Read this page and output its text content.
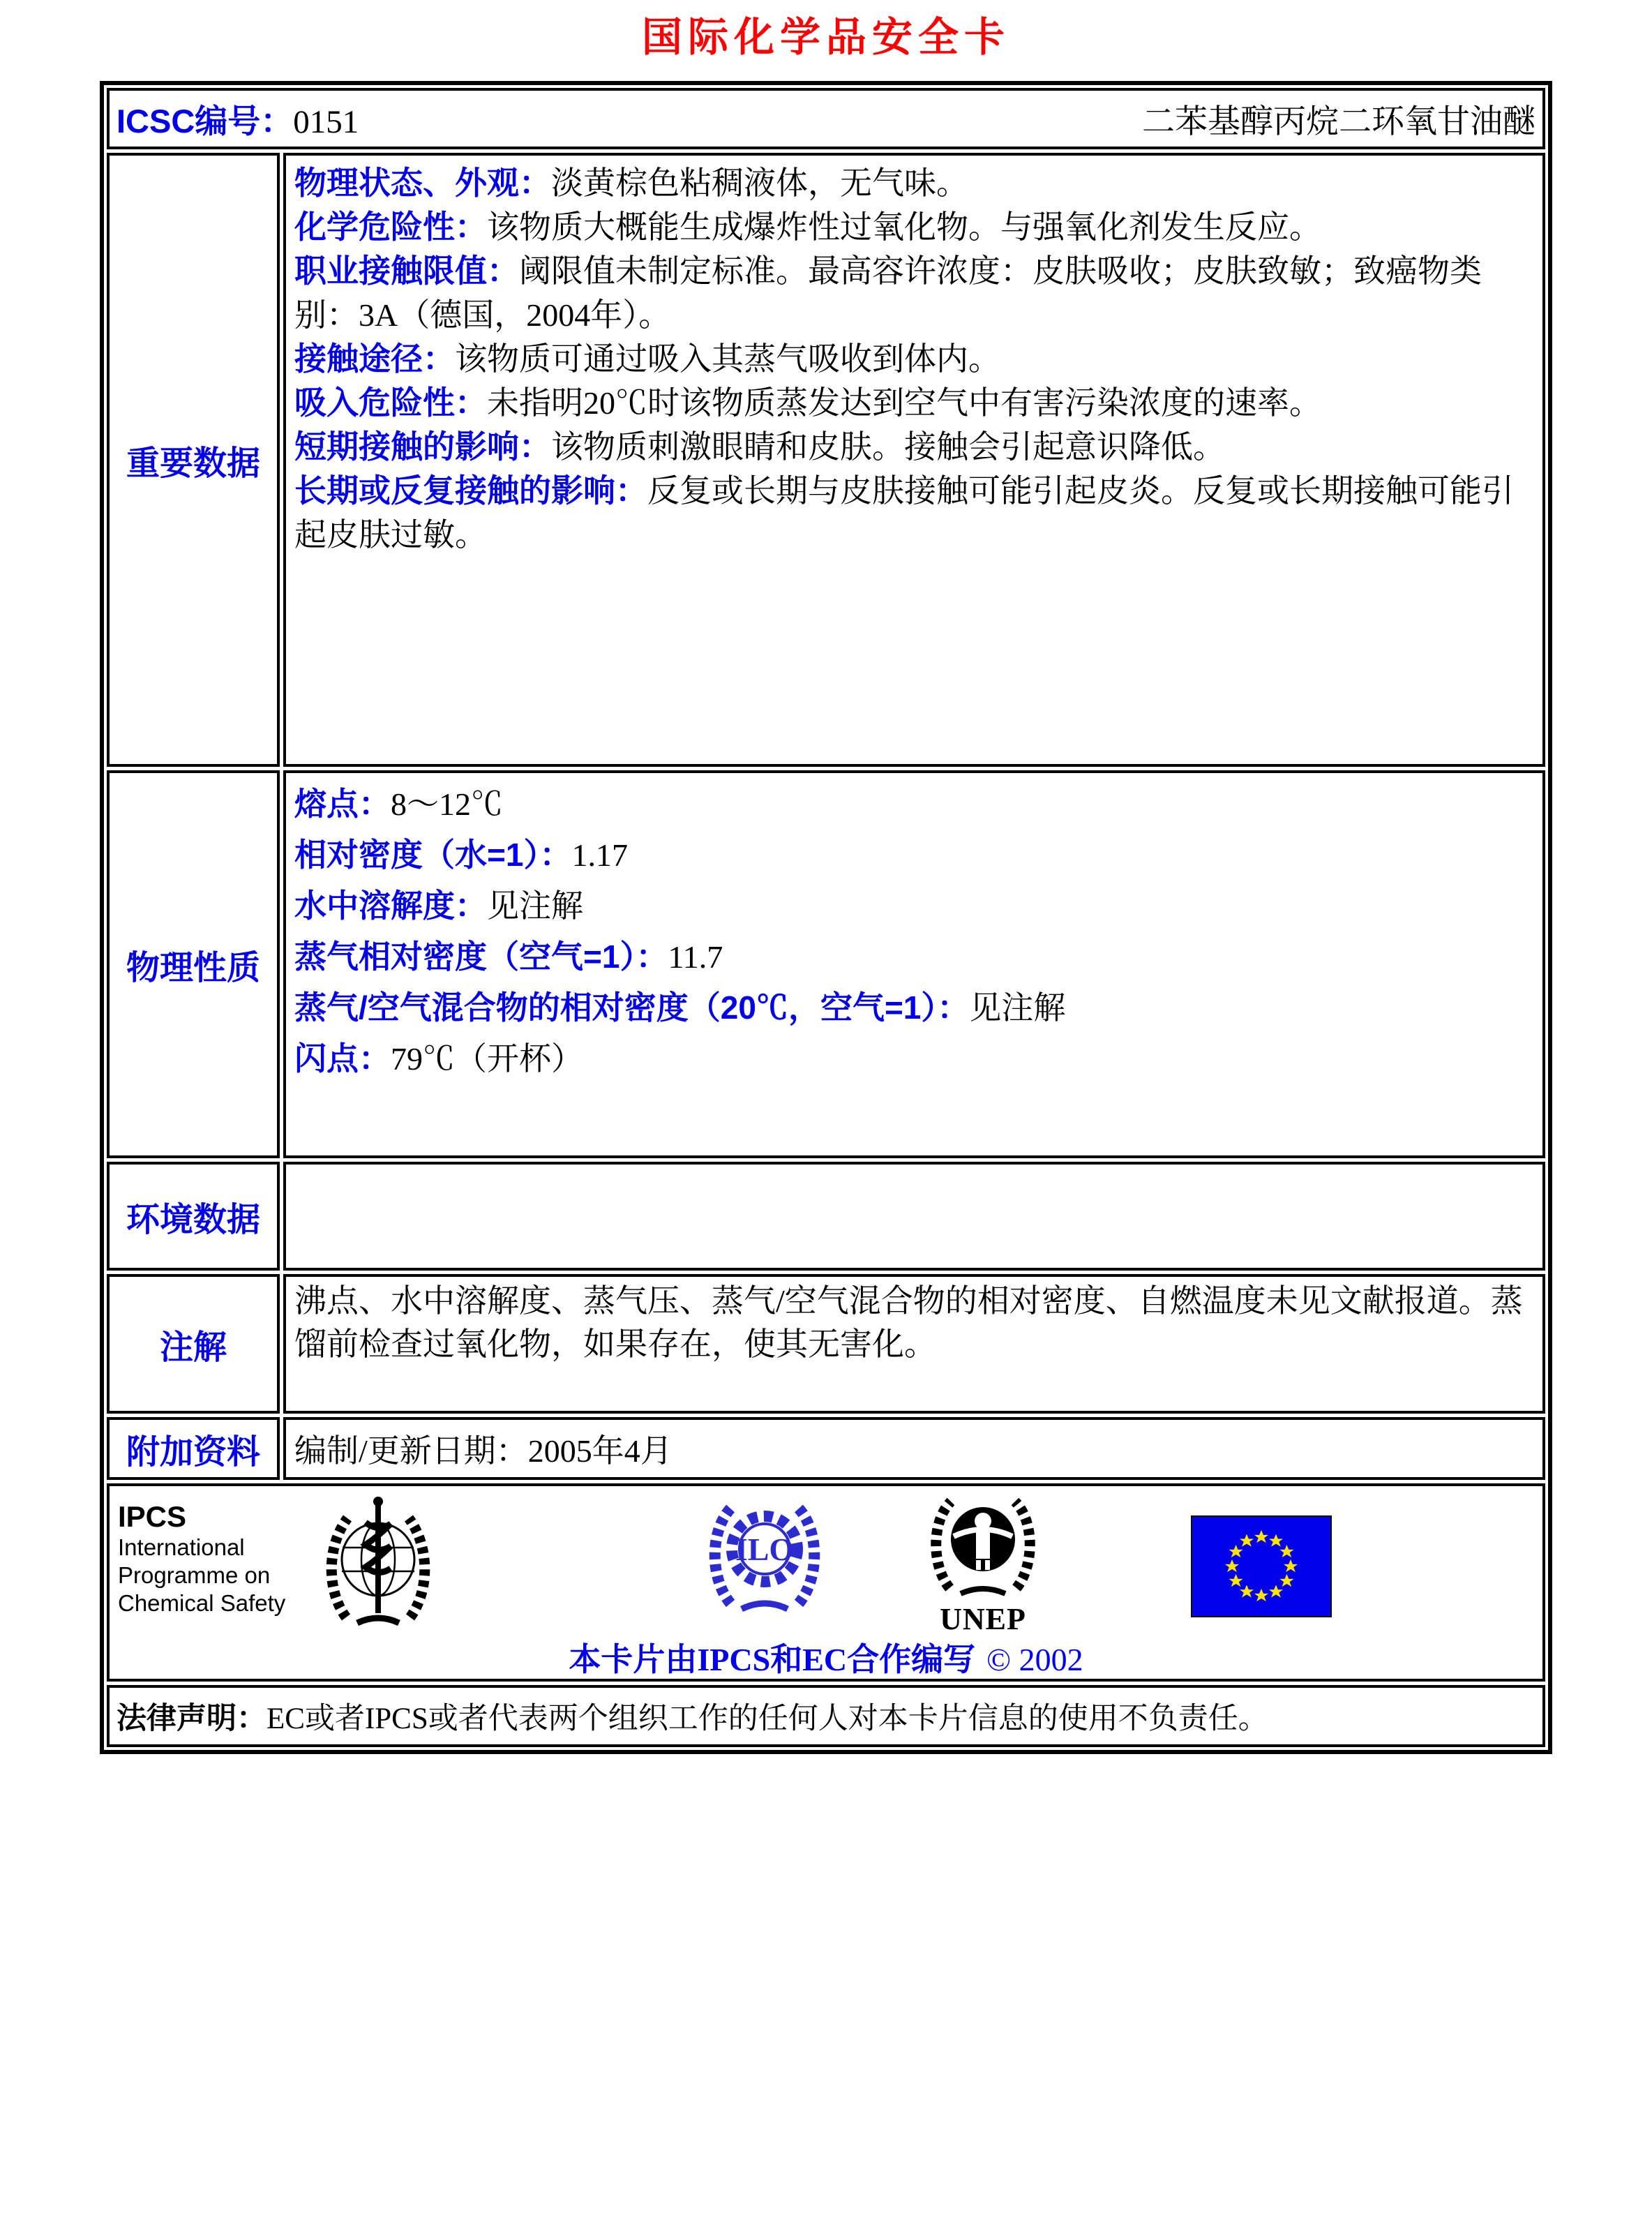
国际化学品安全卡
ICSC编号：0151	二苯基醇丙烷二环氧甘油醚
重要数据
物理状态、外观：淡黄棕色粘稠液体，无气味。
化学危险性：该物质大概能生成爆炸性过氧化物。与强氧化剂发生反应。
职业接触限值：阈限值未制定标准。最高容许浓度：皮肤吸收；皮肤致敏；致癌物类别：3A（德国，2004年）。
接触途径：该物质可通过吸入其蒸气吸收到体内。
吸入危险性：未指明20℃时该物质蒸发达到空气中有害污染浓度的速率。
短期接触的影响：该物质刺激眼睛和皮肤。接触会引起意识降低。
长期或反复接触的影响：反复或长期与皮肤接触可能引起皮炎。反复或长期接触可能引起皮肤过敏。
物理性质
熔点：8～12℃
相对密度（水=1）：1.17
水中溶解度：见注解
蒸气相对密度（空气=1）：11.7
蒸气/空气混合物的相对密度（20℃，空气=1）：见注解
闪点：79℃（开杯）
环境数据
注解
沸点、水中溶解度、蒸气压、蒸气/空气混合物的相对密度、自燃温度未见文献报道。蒸馏前检查过氧化物，如果存在，使其无害化。
附加资料	编制/更新日期：2005年4月
IPCS
International
Programme on
Chemical Safety
ILO
UNEP
本卡片由IPCS和EC合作编写 © 2002
法律声明： EC或者IPCS或者代表两个组织工作的任何人对本卡片信息的使用不负责任。
